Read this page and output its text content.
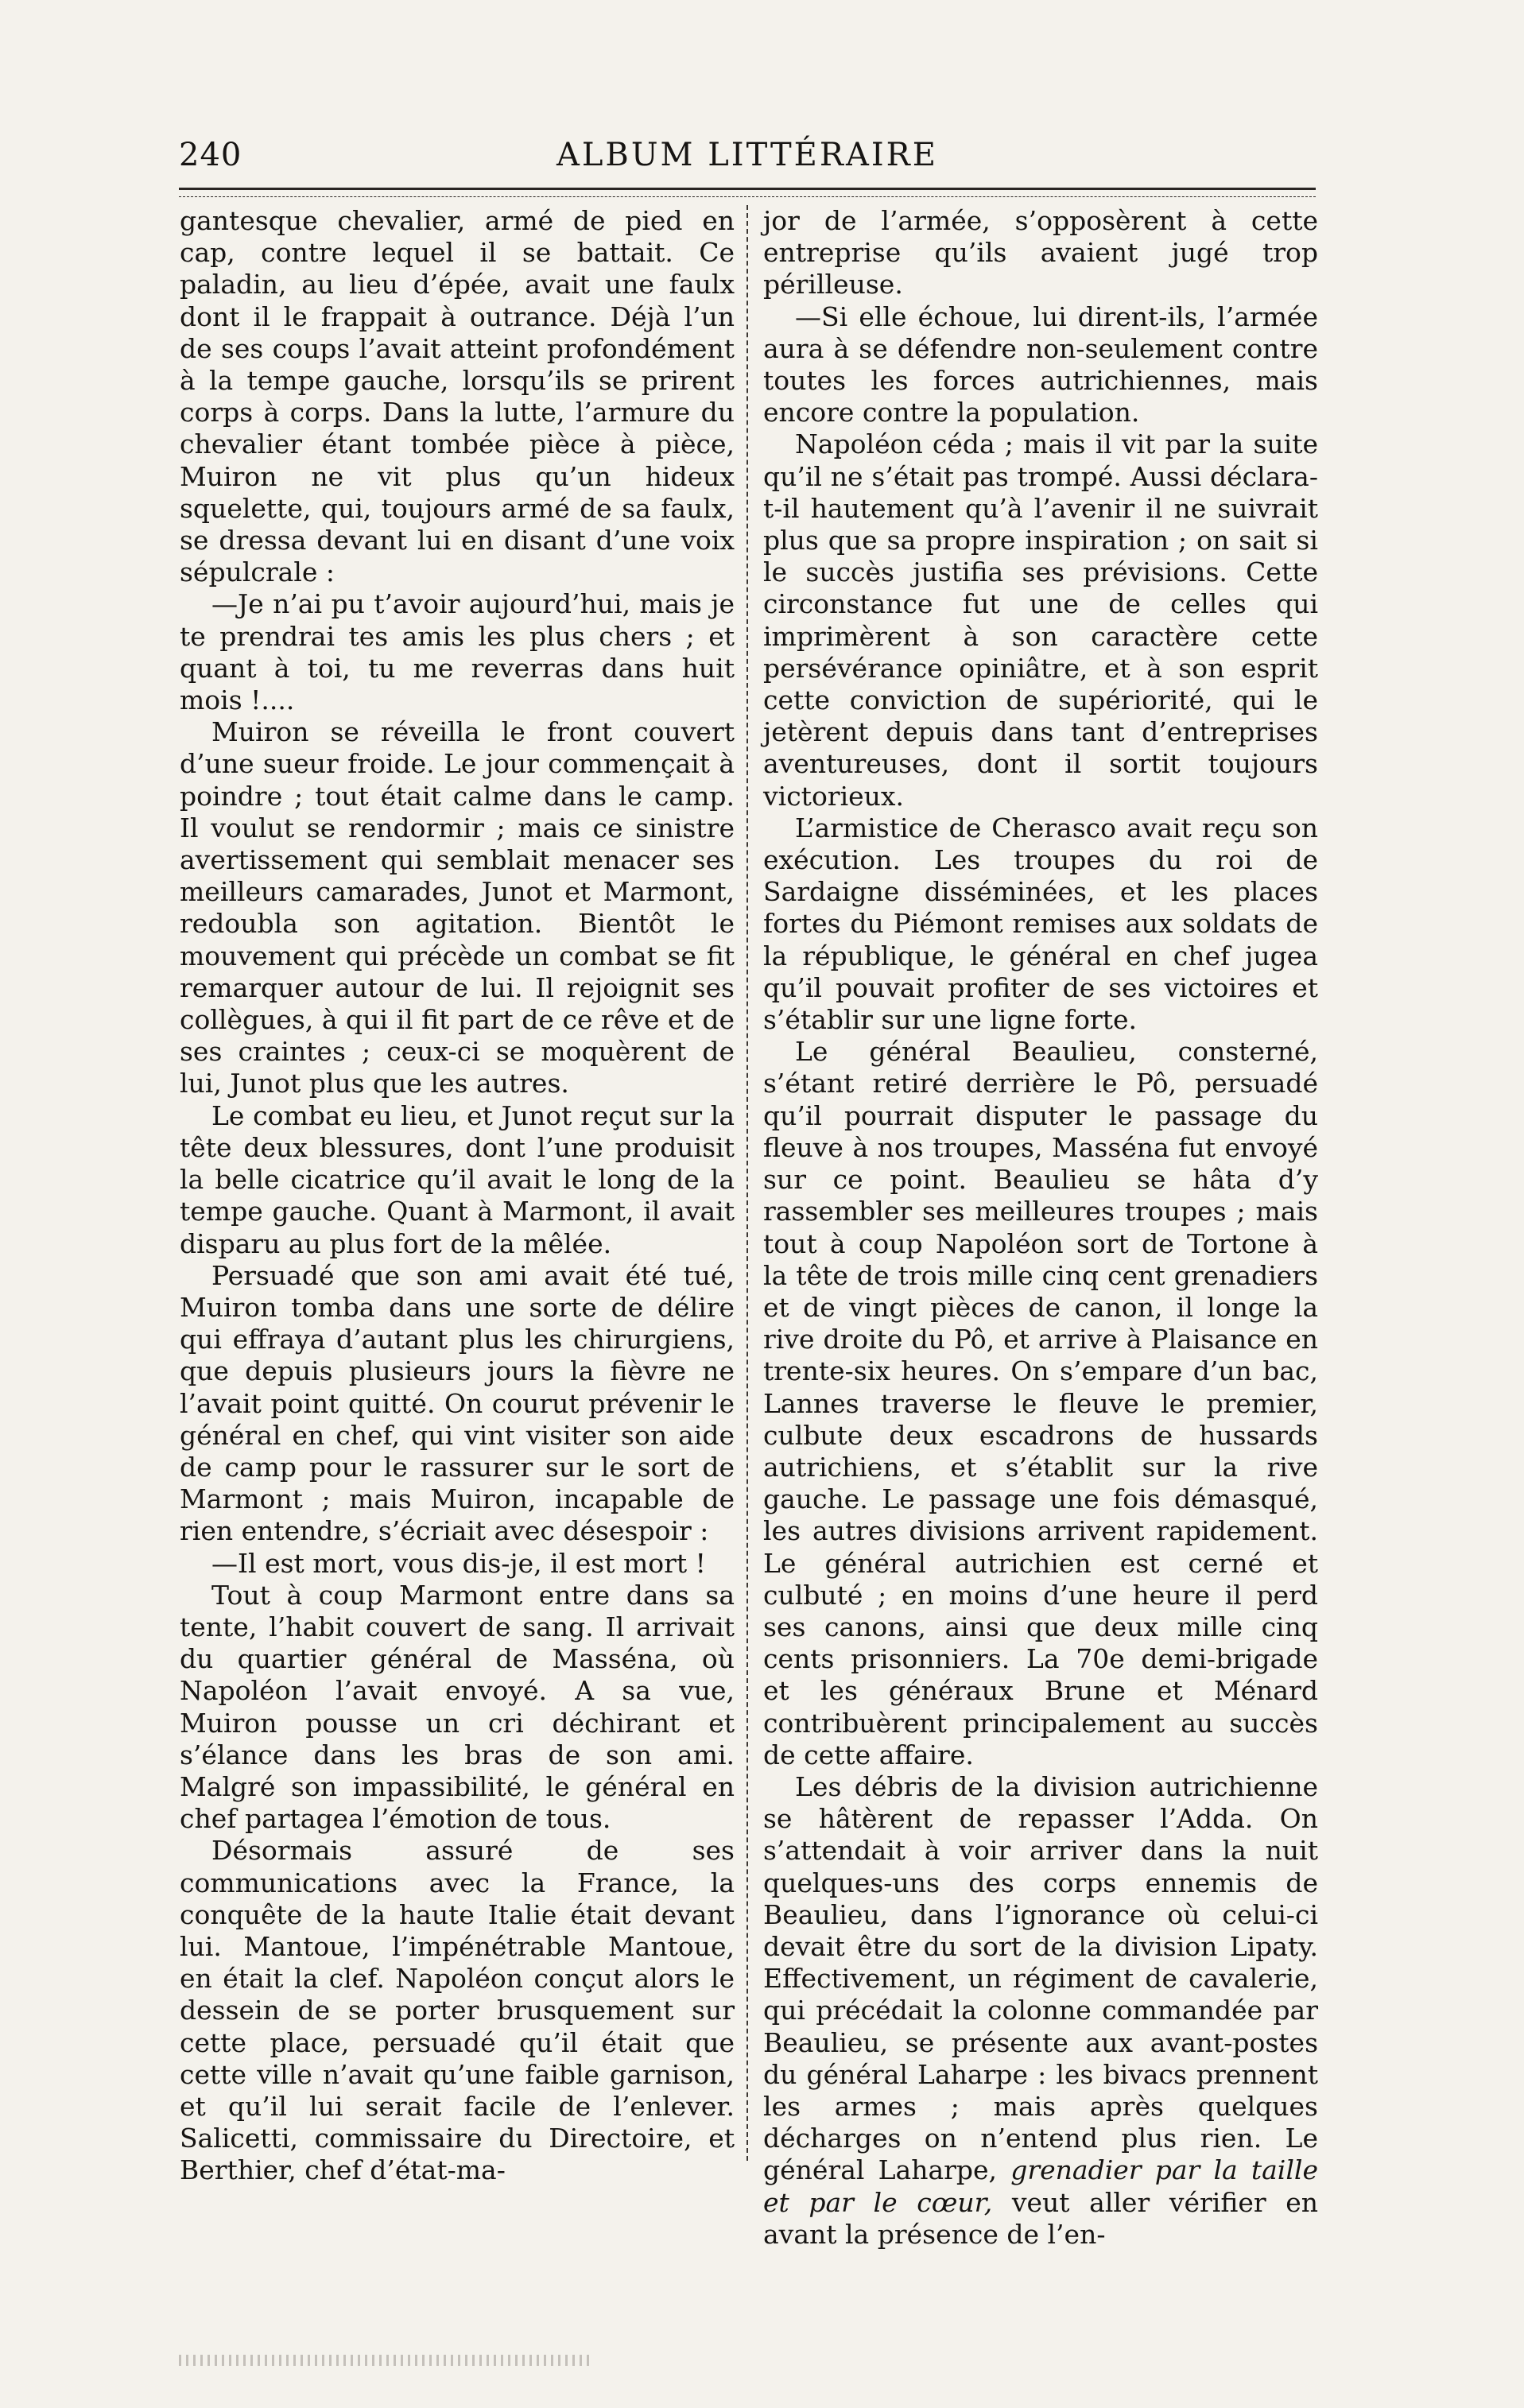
240	ALBUM LITTÉRAIRE

gantesque chevalier, armé de pied en cap, contre lequel il se battait. Ce paladin, au lieu d’épée, avait une faulx dont il le frappait à outrance. Déjà l’un de ses coups l’avait atteint profondément à la tempe gauche, lorsqu’ils se prirent corps à corps. Dans la lutte, l’armure du chevalier étant tombée pièce à pièce, Muiron ne vit plus qu’un hideux squelette, qui, toujours armé de sa faulx, se dressa devant lui en disant d’une voix sépulcrale :

—Je n’ai pu t’avoir aujourd’hui, mais je te prendrai tes amis les plus chers ; et quant à toi, tu me reverras dans huit mois !....

Muiron se réveilla le front couvert d’une sueur froide. Le jour commençait à poindre ; tout était calme dans le camp. Il voulut se rendormir ; mais ce sinistre avertissement qui semblait menacer ses meilleurs camarades, Junot et Marmont, redoubla son agitation. Bientôt le mouvement qui précède un combat se fit remarquer autour de lui. Il rejoignit ses collègues, à qui il fit part de ce rêve et de ses craintes ; ceux-ci se moquèrent de lui, Junot plus que les autres.

Le combat eu lieu, et Junot reçut sur la tête deux blessures, dont l’une produisit la belle cicatrice qu’il avait le long de la tempe gauche. Quant à Marmont, il avait disparu au plus fort de la mêlée.

Persuadé que son ami avait été tué, Muiron tomba dans une sorte de délire qui effraya d’autant plus les chirurgiens, que depuis plusieurs jours la fièvre ne l’avait point quitté. On courut prévenir le général en chef, qui vint visiter son aide de camp pour le rassurer sur le sort de Marmont ; mais Muiron, incapable de rien entendre, s’écriait avec désespoir :

—Il est mort, vous dis-je, il est mort !

Tout à coup Marmont entre dans sa tente, l’habit couvert de sang. Il arrivait du quartier général de Masséna, où Napoléon l’avait envoyé. A sa vue, Muiron pousse un cri déchirant et s’élance dans les bras de son ami. Malgré son impassibilité, le général en chef partagea l’émotion de tous.

Désormais assuré de ses communications avec la France, la conquête de la haute Italie était devant lui. Mantoue, l’impénétrable Mantoue, en était la clef. Napoléon conçut alors le dessein de se porter brusquement sur cette place, persuadé qu’il était que cette ville n’avait qu’une faible garnison, et qu’il lui serait facile de l’enlever. Salicetti, commissaire du Directoire, et Berthier, chef d’état-ma-

jor de l’armée, s’opposèrent à cette entreprise qu’ils avaient jugé trop périlleuse.

—Si elle échoue, lui dirent-ils, l’armée aura à se défendre non-seulement contre toutes les forces autrichiennes, mais encore contre la population.

Napoléon céda ; mais il vit par la suite qu’il ne s’était pas trompé. Aussi déclara-t-il hautement qu’à l’avenir il ne suivrait plus que sa propre inspiration ; on sait si le succès justifia ses prévisions. Cette circonstance fut une de celles qui imprimèrent à son caractère cette persévérance opiniâtre, et à son esprit cette conviction de supériorité, qui le jetèrent depuis dans tant d’entreprises aventureuses, dont il sortit toujours victorieux.

L’armistice de Cherasco avait reçu son exécution. Les troupes du roi de Sardaigne disséminées, et les places fortes du Piémont remises aux soldats de la république, le général en chef jugea qu’il pouvait profiter de ses victoires et s’établir sur une ligne forte.

Le général Beaulieu, consterné, s’étant retiré derrière le Pô, persuadé qu’il pourrait disputer le passage du fleuve à nos troupes, Masséna fut envoyé sur ce point. Beaulieu se hâta d’y rassembler ses meilleures troupes ; mais tout à coup Napoléon sort de Tortone à la tête de trois mille cinq cent grenadiers et de vingt pièces de canon, il longe la rive droite du Pô, et arrive à Plaisance en trente-six heures. On s’empare d’un bac, Lannes traverse le fleuve le premier, culbute deux escadrons de hussards autrichiens, et s’établit sur la rive gauche. Le passage une fois démasqué, les autres divisions arrivent rapidement. Le général autrichien est cerné et culbuté ; en moins d’une heure il perd ses canons, ainsi que deux mille cinq cents prisonniers. La 70e demi-brigade et les généraux Brune et Ménard contribuèrent principalement au succès de cette affaire.

Les débris de la division autrichienne se hâtèrent de repasser l’Adda. On s’attendait à voir arriver dans la nuit quelques-uns des corps ennemis de Beaulieu, dans l’ignorance où celui-ci devait être du sort de la division Lipaty. Effectivement, un régiment de cavalerie, qui précédait la colonne commandée par Beaulieu, se présente aux avant-postes du général Laharpe : les bivacs prennent les armes ; mais après quelques décharges on n’entend plus rien. Le général Laharpe, grenadier par la taille et par le cœur, veut aller vérifier en avant la présence de l’en-
